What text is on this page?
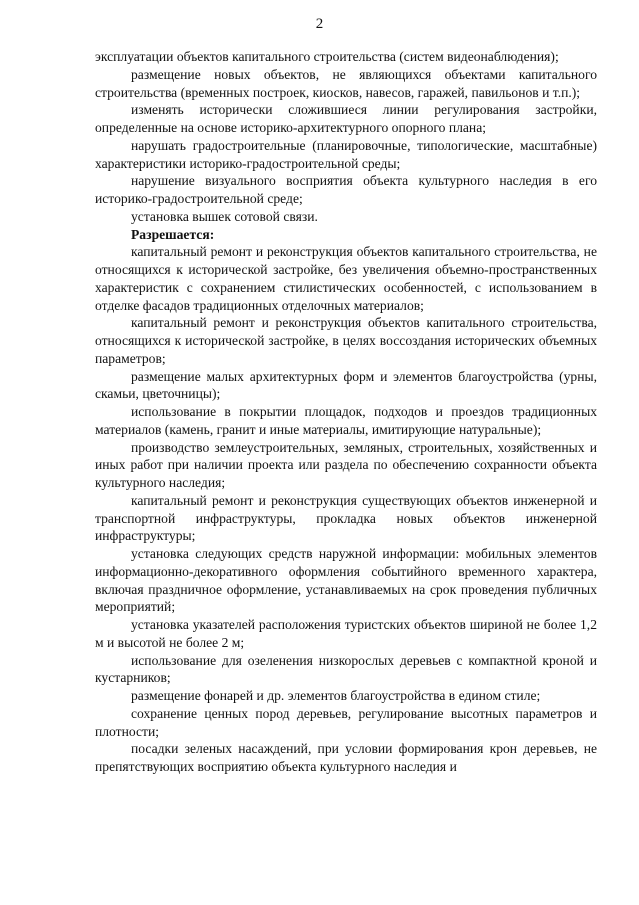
2

эксплуатации объектов капитального строительства (систем видеонаблюдения);

размещение новых объектов, не являющихся объектами капитального строительства (временных построек, киосков, навесов, гаражей, павильонов и т.п.);

изменять исторически сложившиеся линии регулирования застройки, определенные на основе историко-архитектурного опорного плана;

нарушать градостроительные (планировочные, типологические, масштабные) характеристики историко-градостроительной среды;

нарушение визуального восприятия объекта культурного наследия в его историко-градостроительной среде;

установка вышек сотовой связи.

Разрешается:

капитальный ремонт и реконструкция объектов капитального строительства, не относящихся к исторической застройке, без увеличения объемно-пространственных характеристик с сохранением стилистических особенностей, с использованием в отделке фасадов традиционных отделочных материалов;

капитальный ремонт и реконструкция объектов капитального строительства, относящихся к исторической застройке, в целях воссоздания исторических объемных параметров;

размещение малых архитектурных форм и элементов благоустройства (урны, скамьи, цветочницы);

использование в покрытии площадок, подходов и проездов традиционных материалов (камень, гранит и иные материалы, имитирующие натуральные);

производство землеустроительных, земляных, строительных, хозяйственных и иных работ при наличии проекта или раздела по обеспечению сохранности объекта культурного наследия;

капитальный ремонт и реконструкция существующих объектов инженерной и транспортной инфраструктуры, прокладка новых объектов инженерной инфраструктуры;

установка следующих средств наружной информации: мобильных элементов информационно-декоративного оформления событийного временного характера, включая праздничное оформление, устанавливаемых на срок проведения публичных мероприятий;

установка указателей расположения туристских объектов шириной не более 1,2 м и высотой не более 2 м;

использование для озеленения низкорослых деревьев с компактной кроной и кустарников;

размещение фонарей и др. элементов благоустройства в едином стиле;

сохранение ценных пород деревьев, регулирование высотных параметров и плотности;

посадки зеленых насаждений, при условии формирования крон деревьев, не препятствующих восприятию объекта культурного наследия и
